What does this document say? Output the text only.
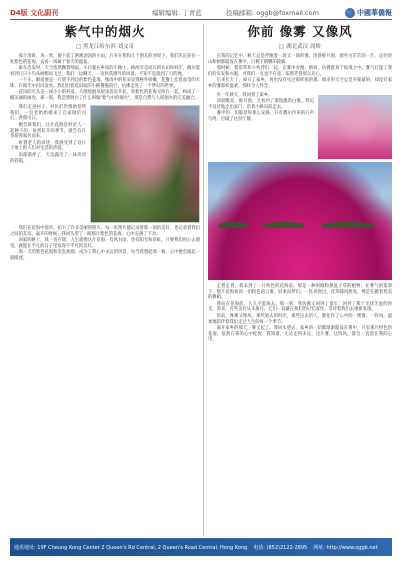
D4版 文化副刊	编辑编辑: 丁青蓝	投稿邮箱: oggb@foxmail.com	中國華僑報
紫气中的烟火
□ 黑龙江哈尔滨 刘义奇

那个清晨，风一吹，便下起了淅淅沥沥的小雨。后来在我和几个朋友的劝说下，我们决定前往一处紫色的花海，去看一场属于春天的盛宴。

驱车出发时，天空依然飘着细雨。车行驶在乡间的小路上，路两旁是成片的农田和村庄，偶尔能看到几只小鸟从树梢间飞过。我们一边聊天，一边欣赏窗外的风景，不知不觉就到了目的地。

一下车，眼前便是一片望不到边的紫色花海。细雨中的花朵显得格外娇嫩，花瓣上挂着晶莹的水珠，在微光中闪闪发亮。我们沿着花田间的小路慢慢前行，仿佛走进了一个梦幻的世界。

花田的尽头是一座小小的村落，几缕炊烟从屋顶袅袅升起，和紫色的花海交织在一起，构成了一幅美丽的画卷。那一刻，我忽然明白了什么叫做"紫气中的烟火"，那是自然与人间烟火的完美融合。

我们走进村子，村民们热情地招呼我们。一位老奶奶端来了自家做的点心，香甜可口。

她告诉我们，这片花海是村里人一起种下的，每到花开的季节，就会有许多游客慕名而来。

听着老人的讲述，我感受到了这片土地上的人们对生活的热爱。

雨渐渐停了，天边露出了一抹淡淡的彩霞。

我们在花海中漫步，拍下了许多美丽的照片。每一张照片都记录着那一刻的美好，也记录着我们之间的友谊。离开的时候，我回头望了一眼那片紫色的花海，心中充满了不舍。

回家的路上，我一直在想，人生就像这片花海，有风有雨，也有阳光和彩虹。只要我们用心去感受，就能在平凡的日子里发现不平凡的美好。

那一天的紫色花海和袅袅炊烟，成为了我心中永远的风景。每当我想起那一幕，心中便会涌起一股暖流。

你前 像雾 又像风
□ 湖北武汉 周娇

在我的记忆中，秋天总是伴随着一场又一场的雾。清晨推开窗，窗外白茫茫的一片，远处的山和树都隐没在雾中，只剩下模糊的轮廓。

那时候，我常常和小伙伴们一起，在雾中奔跑、嬉戏，仿佛置身于仙境之中。雾气打湿了我们的头发和衣服，可我们一点也不在意，依然笑得那么开心。

后来长大了，离开了家乡，再也没有见过那样浓的雾。城市的天空总是灰蒙蒙的，却没有家乡的雾那样温柔、那样令人怀念。

有一年秋天，我回到了家乡。

清晨醒来，推开窗，又看到了那熟悉的白雾。我迫不及待地走出家门，沿着小路向前走去。

雾中的一切都显得那么安静，只有偶尔传来的几声鸟鸣，打破了这份宁静。

走着走着，我来到了一片粉色的花海前。那是一种叫做粉黛乱子草的植物，在雾气的笼罩下，整片花海如同一团粉色的云雾，轻柔而梦幻。一阵风吹过，花草随风摇曳，像是在跳着优美的舞蹈。

我站在花海前，久久不愿离去。那一刻，我仿佛又回到了童年，回到了那个无忧无虑的时光。原来，有些美好从未离开，它们一直藏在我们的记忆深处，等待着我们去重新发现。

你前，像雾又像风。那些逝去的时光，那些远去的人，都化作了心中的一缕雾、一阵风，温柔地陪伴着我们走过人生的每一个季节。

离开家乡的那天，雾又起了。我回头望去，家乡的一切都渐渐隐没在雾中，只有那片粉色的花海，依然在我的心中绽放。我知道，无论走得多远，这片雾、这阵风，都会一直留在我的心里。

通讯地址: 19F Cheung Kong Center 2 Queen's Rd Central, 2 Queen's Road Central, Hong Kong 电话: (852)2122-2895 网址: http://www.oggb.net
